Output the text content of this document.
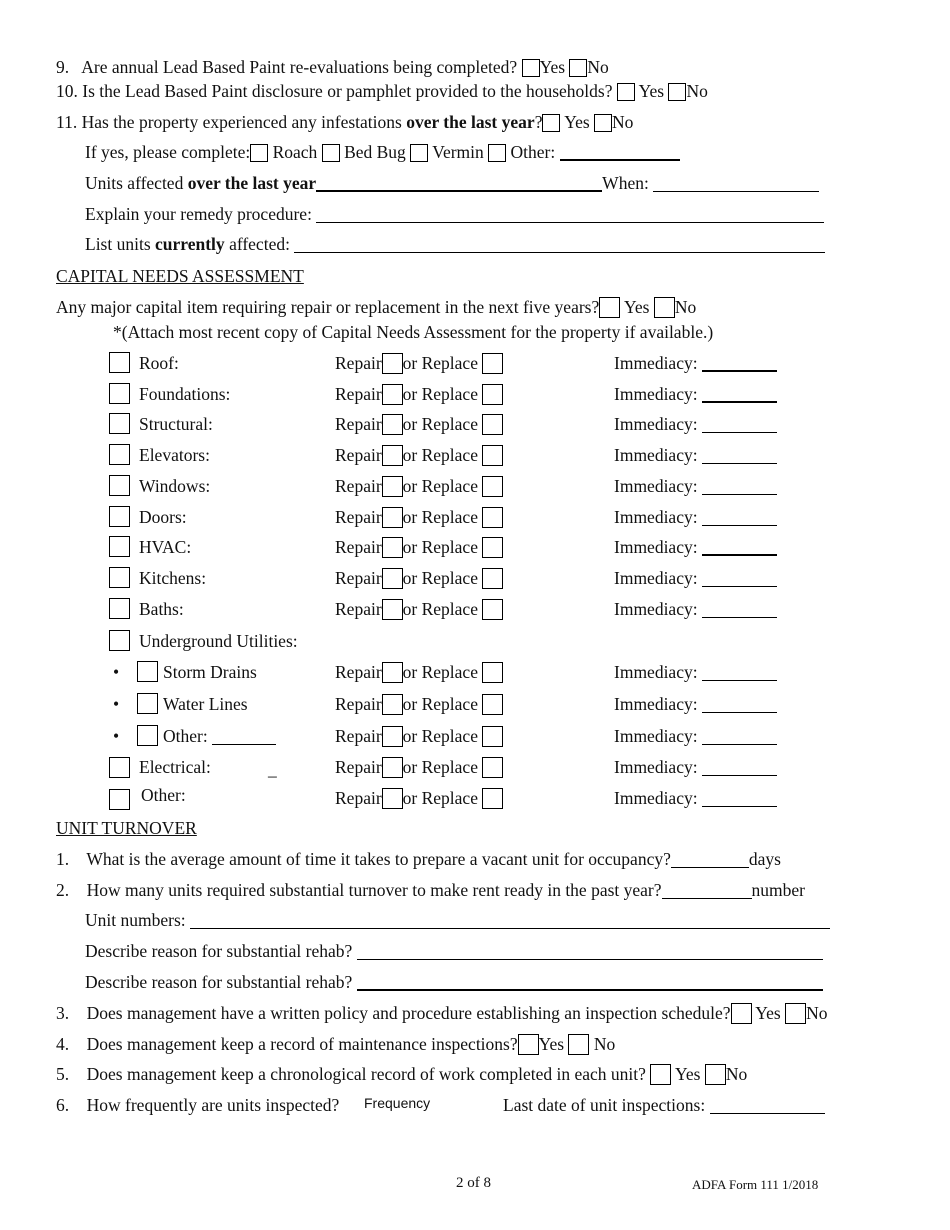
9. Are annual Lead Based Paint re-evaluations being completed? Yes No
10. Is the Lead Based Paint disclosure or pamphlet provided to the households? Yes No
11. Has the property experienced any infestations over the last year? Yes No
If yes, please complete: Roach Bed Bug Vermin Other:
Units affected over the last year	When:
Explain your remedy procedure:
List units currently affected:
CAPITAL NEEDS ASSESSMENT
Any major capital item requiring repair or replacement in the next five years? Yes No
*(Attach most recent copy of Capital Needs Assessment for the property if available.)
Roof:	Repair or Replace	Immediacy:
Foundations:	Repair or Replace	Immediacy:
Structural:	Repair or Replace	Immediacy:
Elevators:	Repair or Replace	Immediacy:
Windows:	Repair or Replace	Immediacy:
Doors:	Repair or Replace	Immediacy:
HVAC:	Repair or Replace	Immediacy:
Kitchens:	Repair or Replace	Immediacy:
Baths:	Repair or Replace	Immediacy:
Underground Utilities:
•	Storm Drains	Repair or Replace	Immediacy:
•	Water Lines	Repair or Replace	Immediacy:
•	Other:	Repair or Replace	Immediacy:
Electrical:	_	Repair or Replace	Immediacy:
Other:	Repair or Replace	Immediacy:
UNIT TURNOVER
1. What is the average amount of time it takes to prepare a vacant unit for occupancy?	days
2. How many units required substantial turnover to make rent ready in the past year?	number
Unit numbers:
Describe reason for substantial rehab?
Describe reason for substantial rehab?
3. Does management have a written policy and procedure establishing an inspection schedule? Yes No
4. Does management keep a record of maintenance inspections? Yes No
5. Does management keep a chronological record of work completed in each unit? Yes No
6. How frequently are units inspected? Frequency	Last date of unit inspections:
2 of 8	ADFA Form 111 1/2018
